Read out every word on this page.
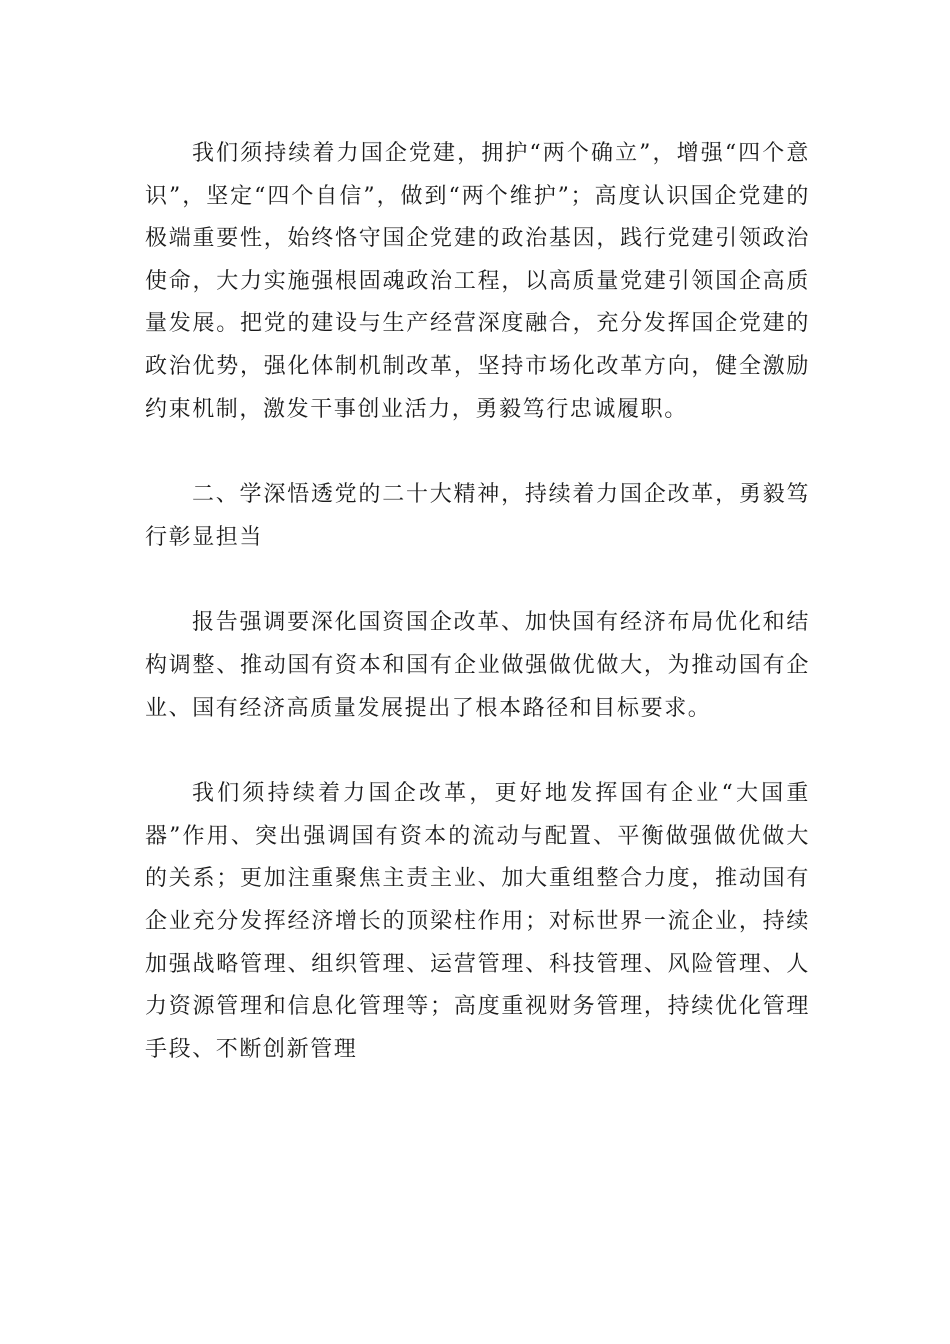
我们须持续着力国企党建，拥护“两个确立”，增强“四个意识”，坚定“四个自信”，做到“两个维护”；高度认识国企党建的极端重要性，始终恪守国企党建的政治基因，践行党建引领政治使命，大力实施强根固魂政治工程，以高质量党建引领国企高质量发展。把党的建设与生产经营深度融合，充分发挥国企党建的政治优势，强化体制机制改革，坚持市场化改革方向，健全激励约束机制，激发干事创业活力，勇毅笃行忠诚履职。

二、学深悟透党的二十大精神，持续着力国企改革，勇毅笃行彰显担当

报告强调要深化国资国企改革、加快国有经济布局优化和结构调整、推动国有资本和国有企业做强做优做大，为推动国有企业、国有经济高质量发展提出了根本路径和目标要求。

我们须持续着力国企改革，更好地发挥国有企业“大国重器”作用、突出强调国有资本的流动与配置、平衡做强做优做大的关系；更加注重聚焦主责主业、加大重组整合力度，推动国有企业充分发挥经济增长的顶梁柱作用；对标世界一流企业，持续加强战略管理、组织管理、运营管理、科技管理、风险管理、人力资源管理和信息化管理等；高度重视财务管理，持续优化管理手段、不断创新管理
